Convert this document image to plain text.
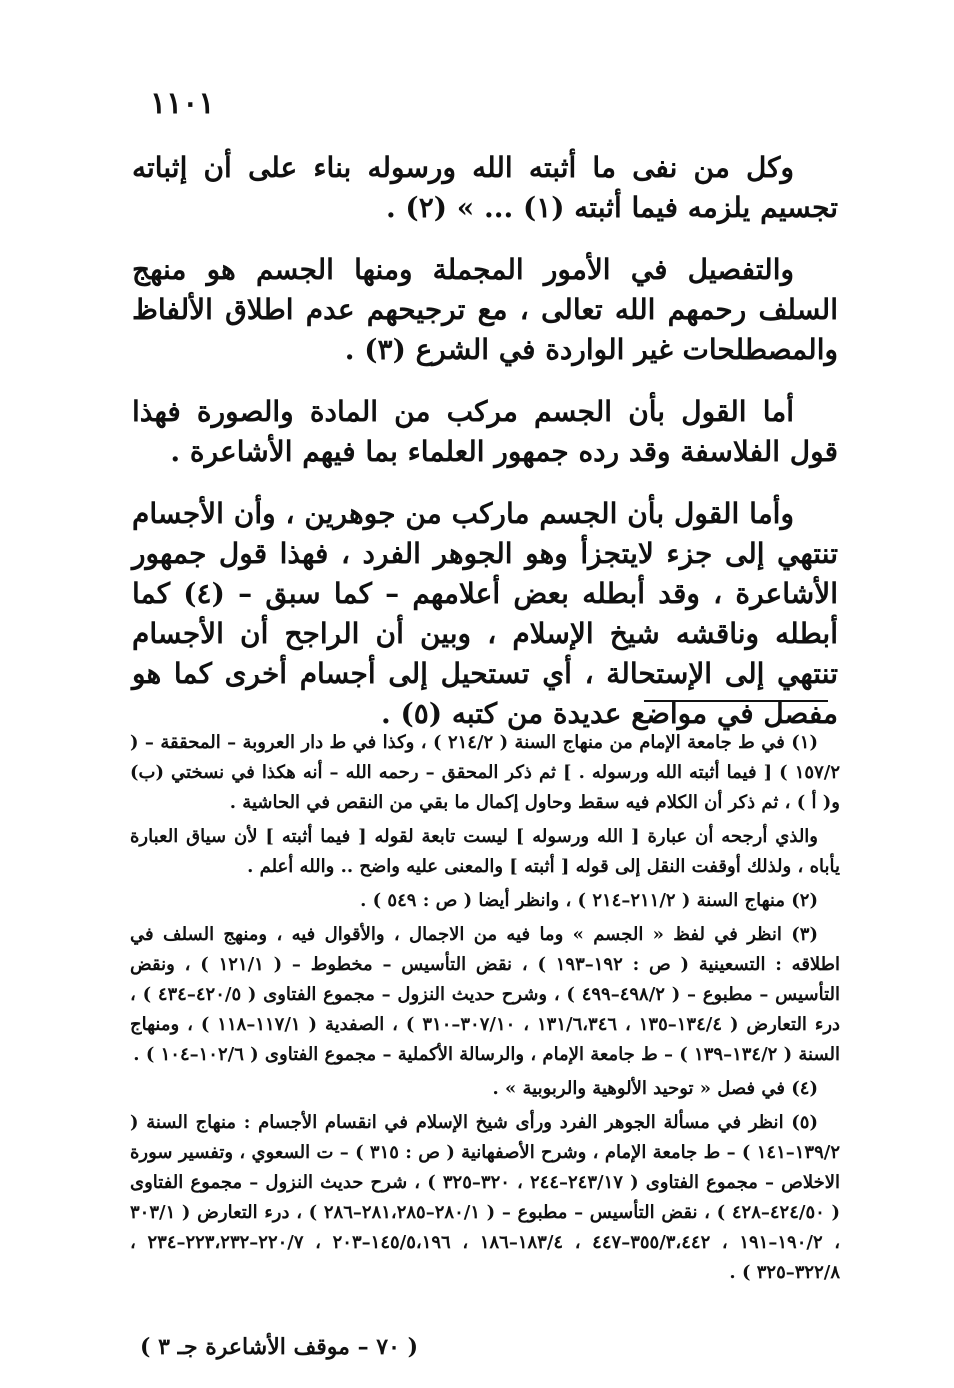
١١٠١

وكل من نفى ما أثبته الله ورسوله بناء على أن إثباته تجسيم يلزمه فيما أثبته (١) ... » (٢) .

والتفصيل في الأمور المجملة ومنها الجسم هو منهج السلف رحمهم الله تعالى ، مع ترجيحهم عدم اطلاق الألفاظ والمصطلحات غير الواردة في الشرع (٣) .

أما القول بأن الجسم مركب من المادة والصورة فهذا قول الفلاسفة وقد رده جمهور العلماء بما فيهم الأشاعرة .

وأما القول بأن الجسم ماركب من جوهرين ، وأن الأجسام تنتهي إلى جزء لايتجزأ وهو الجوهر الفرد ، فهذا قول جمهور الأشاعرة ، وقد أبطله بعض أعلامهم – كما سبق – (٤) كما أبطله وناقشه شيخ الإسلام ، وبين أن الراجح أن الأجسام تنتهي إلى الإستحالة ، أي تستحيل إلى أجسام أخرى كما هو مفصل في مواضع عديدة من كتبه (٥) .

(١) في ط جامعة الإمام من منهاج السنة ( ٢١٤/٢ ) ، وكذا في ط دار العروبة – المحققة – ( ١٥٧/٢ ) [ فيما أثبته الله ورسوله . ] ثم ذكر المحقق – رحمه الله – أنه هكذا في نسختي (ب) و( أ ) ، ثم ذكر أن الكلام فيه سقط وحاول إكمال ما بقي من النقص في الحاشية .

والذي أرجحه أن عبارة [ الله ورسوله ] ليست تابعة لقوله [ فيما أثبته ] لأن سياق العبارة يأباه ، ولذلك أوقفت النقل إلى قوله [ أثبته ] والمعنى عليه واضح .. والله أعلم .

(٢) منهاج السنة ( ٢١١/٢–٢١٤ ) ، وانظر أيضا ( ص : ٥٤٩ ) .

(٣) انظر في لفظ « الجسم » وما فيه من الاجمال ، والأقوال فيه ، ومنهج السلف في اطلاقه : التسعينية ( ص : ١٩٢–١٩٣ ) ، نقض التأسيس – مخطوط – ( ١٢١/١ ) ، ونقض التأسيس – مطبوع – ( ٤٩٨/٢–٤٩٩ ) ، وشرح حديث النزول – مجموع الفتاوى ( ٤٢٠/٥–٤٣٤ ) ، درء التعارض ( ١٣٤/٤–١٣٥ ، ١٣١/٦،٣٤٦ ، ٣٠٧/١٠–٣١٠ ) ، الصفدية ( ١١٧/١–١١٨ ) ، ومنهاج السنة ( ١٣٤/٢–١٣٩ ) – ط جامعة الإمام ، والرسالة الأكملية – مجموع الفتاوى ( ١٠٢/٦–١٠٤ ) .

(٤) في فصل « توحيد الألوهية والربوبية » .

(٥) انظر في مسألة الجوهر الفرد ورأى شيخ الإسلام في انقسام الأجسام : منهاج السنة ( ١٣٩/٢–١٤١ ) – ط جامعة الإمام ، وشرح الأصفهانية ( ص : ٣١٥ ) – ت السعوي ، وتفسير سورة الاخلاص – مجموع الفتاوى ( ٢٤٣/١٧–٢٤٤ ، ٣٢٠–٣٢٥ ) ، شرح حديث النزول – مجموع الفتاوى ( ٤٢٤/٥٠–٤٢٨ ) ، نقض التأسيس – مطبوع – ( ٢٨٠/١–٢٨١،٢٨٥–٢٨٦ ) ، درء التعارض ( ٣٠٣/١ ، ١٩٠/٢–١٩١ ، ٣٥٥/٣،٤٤٢–٤٤٧ ، ١٨٣/٤–١٨٦ ، ١٤٥/٥،١٩٦–٢٠٣ ، ٢٢٠/٧–٢٢٣،٢٣٢–٢٣٤ ، ٣٢٢/٨–٣٢٥ ) .

( ٧٠ – موقف الأشاعرة جـ ٣ )
